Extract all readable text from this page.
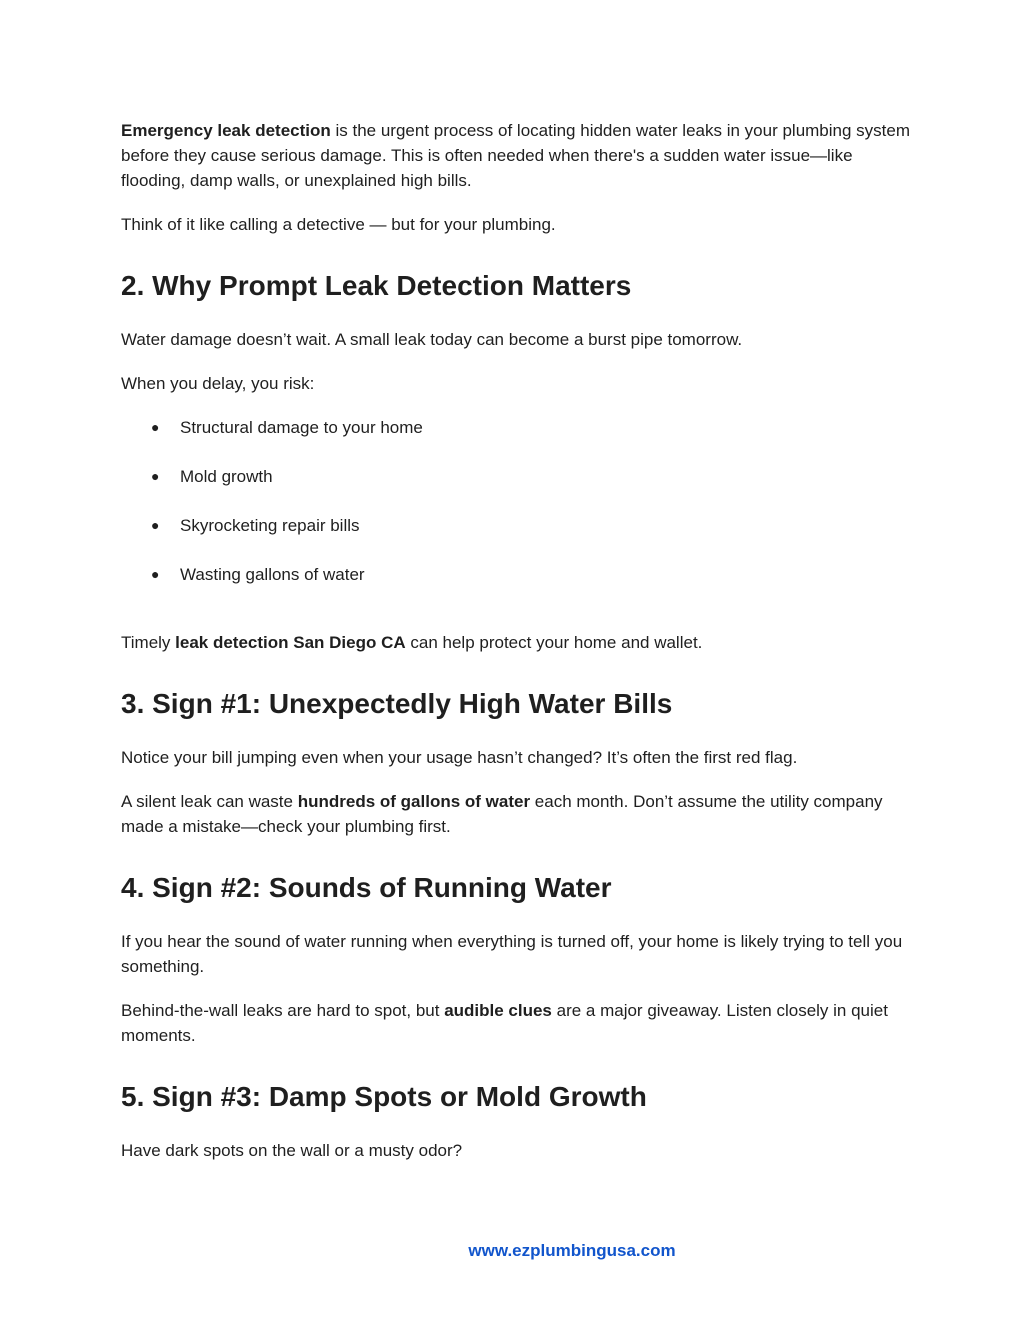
Emergency leak detection is the urgent process of locating hidden water leaks in your plumbing system before they cause serious damage. This is often needed when there's a sudden water issue—like flooding, damp walls, or unexplained high bills.

Think of it like calling a detective — but for your plumbing.

2. Why Prompt Leak Detection Matters

Water damage doesn’t wait. A small leak today can become a burst pipe tomorrow.

When you delay, you risk:

● Structural damage to your home
● Mold growth
● Skyrocketing repair bills
● Wasting gallons of water

Timely leak detection San Diego CA can help protect your home and wallet.

3. Sign #1: Unexpectedly High Water Bills

Notice your bill jumping even when your usage hasn’t changed? It’s often the first red flag.

A silent leak can waste hundreds of gallons of water each month. Don’t assume the utility company made a mistake—check your plumbing first.

4. Sign #2: Sounds of Running Water

If you hear the sound of water running when everything is turned off, your home is likely trying to tell you something.

Behind-the-wall leaks are hard to spot, but audible clues are a major giveaway. Listen closely in quiet moments.

5. Sign #3: Damp Spots or Mold Growth

Have dark spots on the wall or a musty odor?

www.ezplumbingusa.com
